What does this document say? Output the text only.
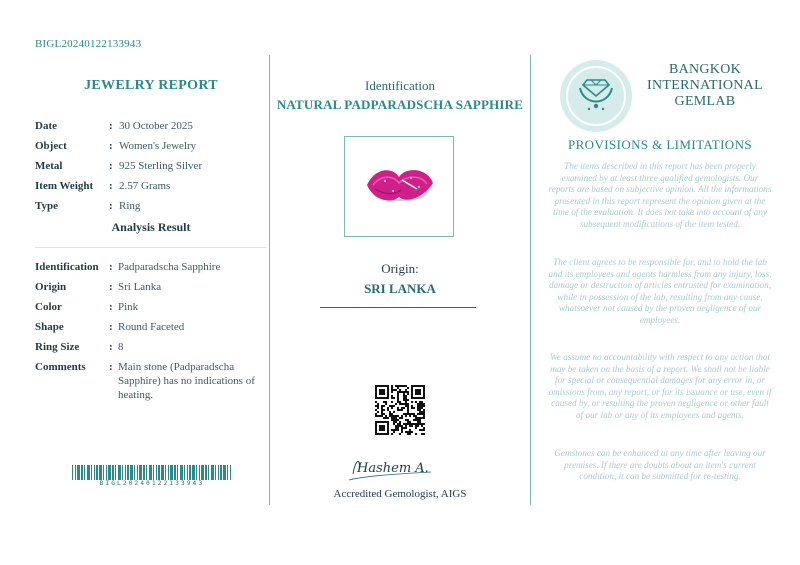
BIGL20240122133943
JEWELRY REPORT
Date	: 30 October 2025
Object	: Women's Jewelry
Metal	: 925 Sterling Silver
Item Weight : 2.57 Grams
Type	: Ring
Analysis Result
Identification : Padparadscha Sapphire
Origin	: Sri Lanka
Color	: Pink
Shape	: Round Faceted
Ring Size	: 8
Comments : Main stone (Padparadscha Sapphire) has no indications of heating.
BIGL20240122133943
Identification
NATURAL PADPARADSCHA SAPPHIRE
Origin:
SRI LANKA
Hashem A.
Accredited Gemologist, AIGS
BANGKOK
INTERNATIONAL
GEMLAB
PROVISIONS & LIMITATIONS
The items described in this report has been properly examined by at least three qualified gemologists. Our reports are based on subjective opinion. All the informations presented in this report represent the opinion given at the time of the evaluation. It does not take into account of any subsequent modifications of the item tested.
The client agrees to be responsible for, and to hold the lab and its employees and agents harmless from any injury, loss, damage or destruction of articles entrusted for examination, while in possession of the lab, resulting from any cause, whatsoever not caused by the proven negligence of our employees.
We assume no accountability with respect to any action that may be taken on the basis of a report. We shall not be liable for special or consequential damages for any error in, or omissions from, any report, or for its issuance or use, even if caused by, or resulting the proven negligence or other fault of our lab or any of its employees and agents.
Gemstones can be enhanced at any time after leaving our premises. If there are doubts about an item's current condition, it can be submitted for re-testing.
